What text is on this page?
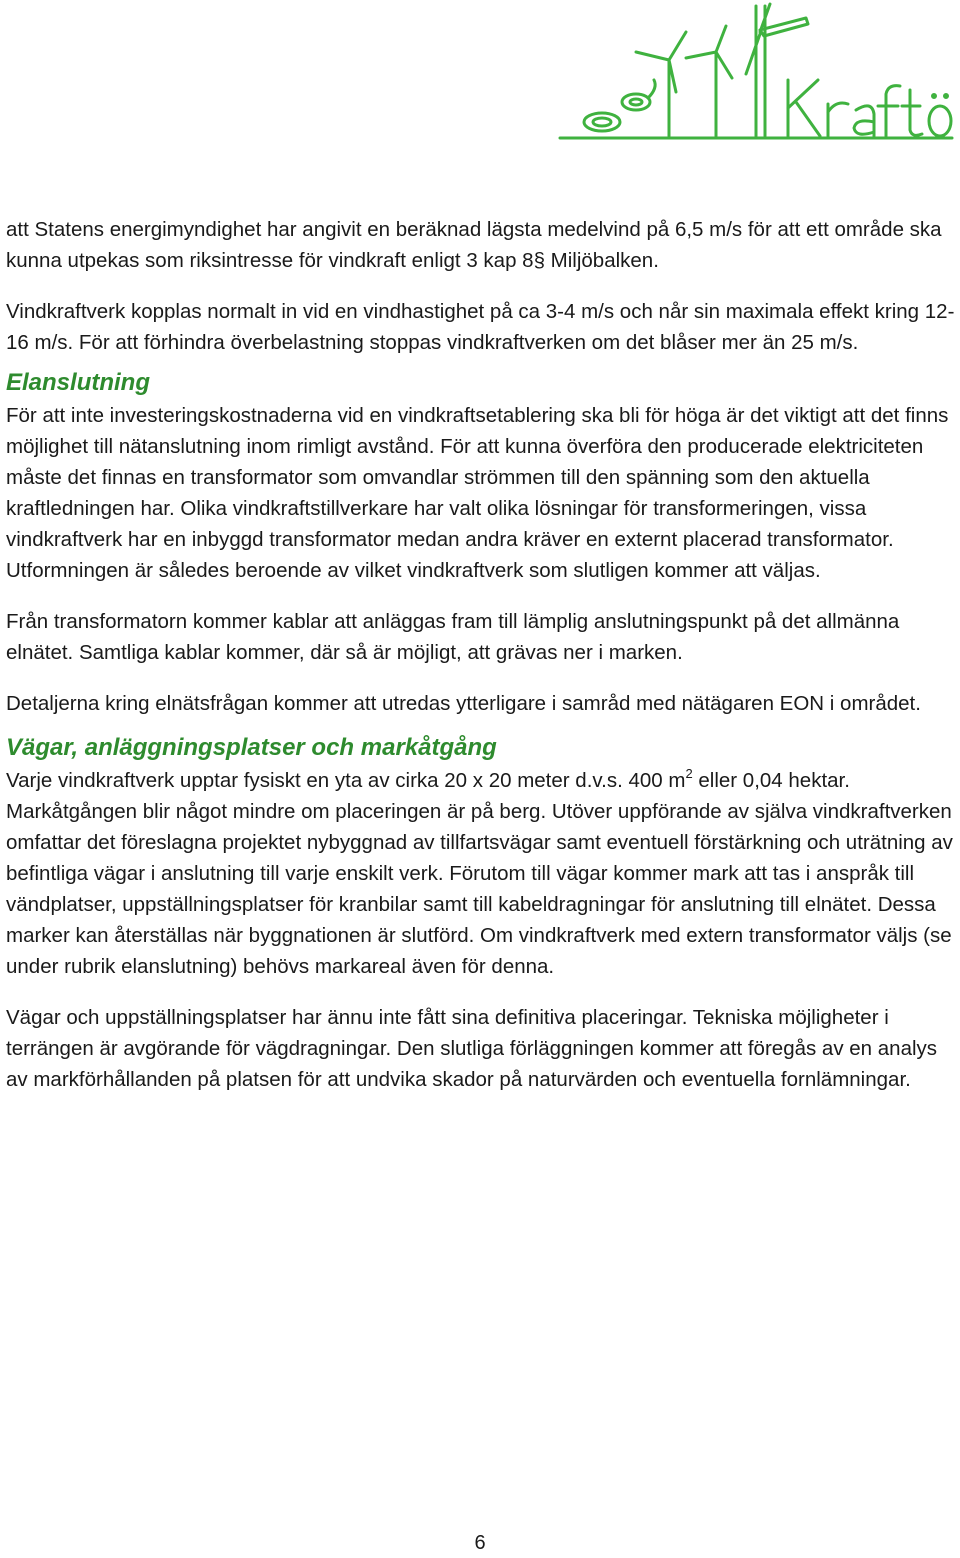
att Statens energimyndighet har angivit en beräknad lägsta medelvind på 6,5 m/s för att ett område ska kunna utpekas som riksintresse för vindkraft enligt 3 kap 8§ Miljöbalken.

Vindkraftverk kopplas normalt in vid en vindhastighet på ca 3-4 m/s och når sin maximala effekt kring 12-16 m/s. För att förhindra överbelastning stoppas vindkraftverken om det blåser mer än 25 m/s.

Elanslutning

För att inte investeringskostnaderna vid en vindkraftsetablering ska bli för höga är det viktigt att det finns möjlighet till nätanslutning inom rimligt avstånd. För att kunna överföra den producerade elektriciteten måste det finnas en transformator som omvandlar strömmen till den spänning som den aktuella kraftledningen har. Olika vindkraftstillverkare har valt olika lösningar för transformeringen, vissa vindkraftverk har en inbyggd transformator medan andra kräver en externt placerad transformator. Utformningen är således beroende av vilket vindkraftverk som slutligen kommer att väljas.

Från transformatorn kommer kablar att anläggas fram till lämplig anslutningspunkt på det allmänna elnätet. Samtliga kablar kommer, där så är möjligt, att grävas ner i marken.

Detaljerna kring elnätsfrågan kommer att utredas ytterligare i samråd med nätägaren EON i området.

Vägar, anläggningsplatser och markåtgång

Varje vindkraftverk upptar fysiskt en yta av cirka 20 x 20 meter d.v.s. 400 $m^2$ eller 0,04 hektar. Markåtgången blir något mindre om placeringen är på berg. Utöver uppförande av själva vindkraftverken omfattar det föreslagna projektet nybyggnad av tillfartsvägar samt eventuell förstärkning och uträtning av befintliga vägar i anslutning till varje enskilt verk. Förutom till vägar kommer mark att tas i anspråk till vändplatser, uppställningsplatser för kranbilar samt till kabeldragningar för anslutning till elnätet. Dessa marker kan återställas när byggnationen är slutförd. Om vindkraftverk med extern transformator väljs (se under rubrik elanslutning) behövs markareal även för denna.

Vägar och uppställningsplatser har ännu inte fått sina definitiva placeringar. Tekniska möjligheter i terrängen är avgörande för vägdragningar. Den slutliga förläggningen kommer att föregås av en analys av markförhållanden på platsen för att undvika skador på naturvärden och eventuella fornlämningar.

6
